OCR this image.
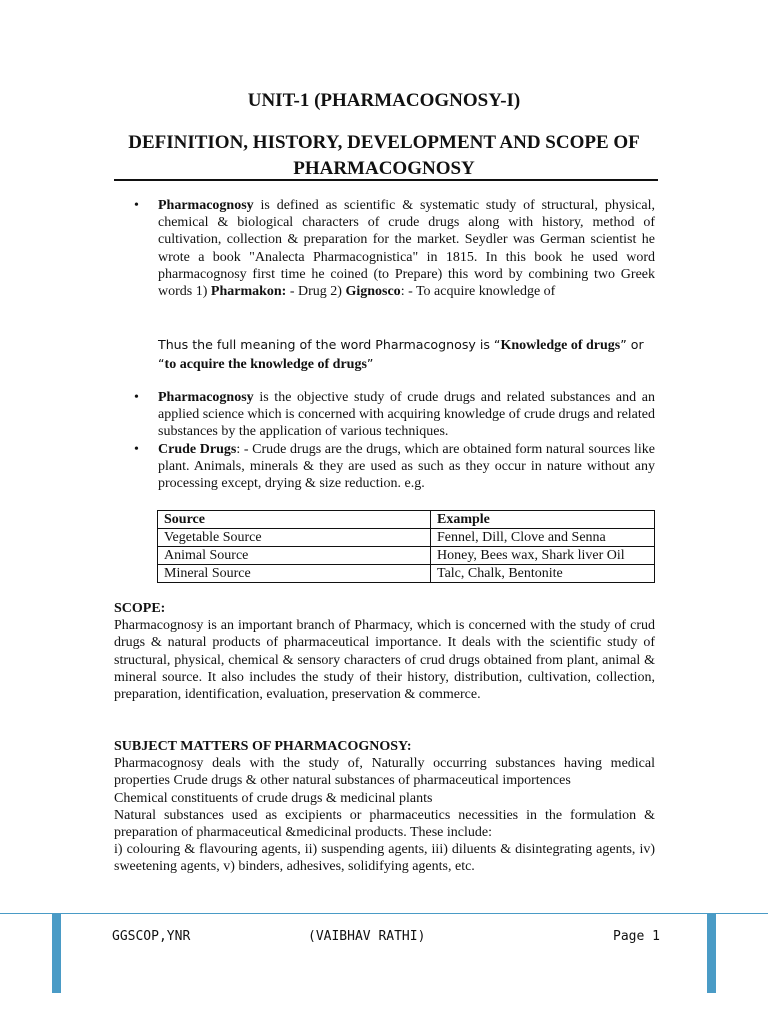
UNIT-1 (PHARMACOGNOSY-I)
DEFINITION, HISTORY, DEVELOPMENT AND SCOPE OF PHARMACOGNOSY
• Pharmacognosy is defined as scientific & systematic study of structural, physical, chemical & biological characters of crude drugs along with history, method of cultivation, collection & preparation for the market. Seydler was German scientist he wrote a book "Analecta Pharmacognistica" in 1815. In this book he used word pharmacognosy first time he coined (to Prepare) this word by combining two Greek words 1) Pharmakon: - Drug 2) Gignosco: - To acquire knowledge of
Thus the full meaning of the word Pharmacognosy is “Knowledge of drugs” or “to acquire the knowledge of drugs”
• Pharmacognosy is the objective study of crude drugs and related substances and an applied science which is concerned with acquiring knowledge of crude drugs and related substances by the application of various techniques.
• Crude Drugs: - Crude drugs are the drugs, which are obtained form natural sources like plant. Animals, minerals & they are used as such as they occur in nature without any processing except, drying & size reduction. e.g.
Source	Example
Vegetable Source	Fennel, Dill, Clove and Senna
Animal Source	Honey, Bees wax, Shark liver Oil
Mineral Source	Talc, Chalk, Bentonite
SCOPE:

Pharmacognosy is an important branch of Pharmacy, which is concerned with the study of crud drugs & natural products of pharmaceutical importance. It deals with the scientific study of structural, physical, chemical & sensory characters of crud drugs obtained from plant, animal & mineral source. It also includes the study of their history, distribution, cultivation, collection, preparation, identification, evaluation, preservation & commerce.

SUBJECT MATTERS OF PHARMACOGNOSY:

Pharmacognosy deals with the study of, Naturally occurring substances having medical properties Crude drugs & other natural substances of pharmaceutical importences

Chemical constituents of crude drugs & medicinal plants

Natural substances used as excipients or pharmaceutics necessities in the formulation & preparation of pharmaceutical &medicinal products. These include:

i) colouring & flavouring agents, ii) suspending agents, iii) diluents & disintegrating agents, iv) sweetening agents, v) binders, adhesives, solidifying agents, etc.

GGSCOP,YNR	(VAIBHAV RATHI)	Page 1
